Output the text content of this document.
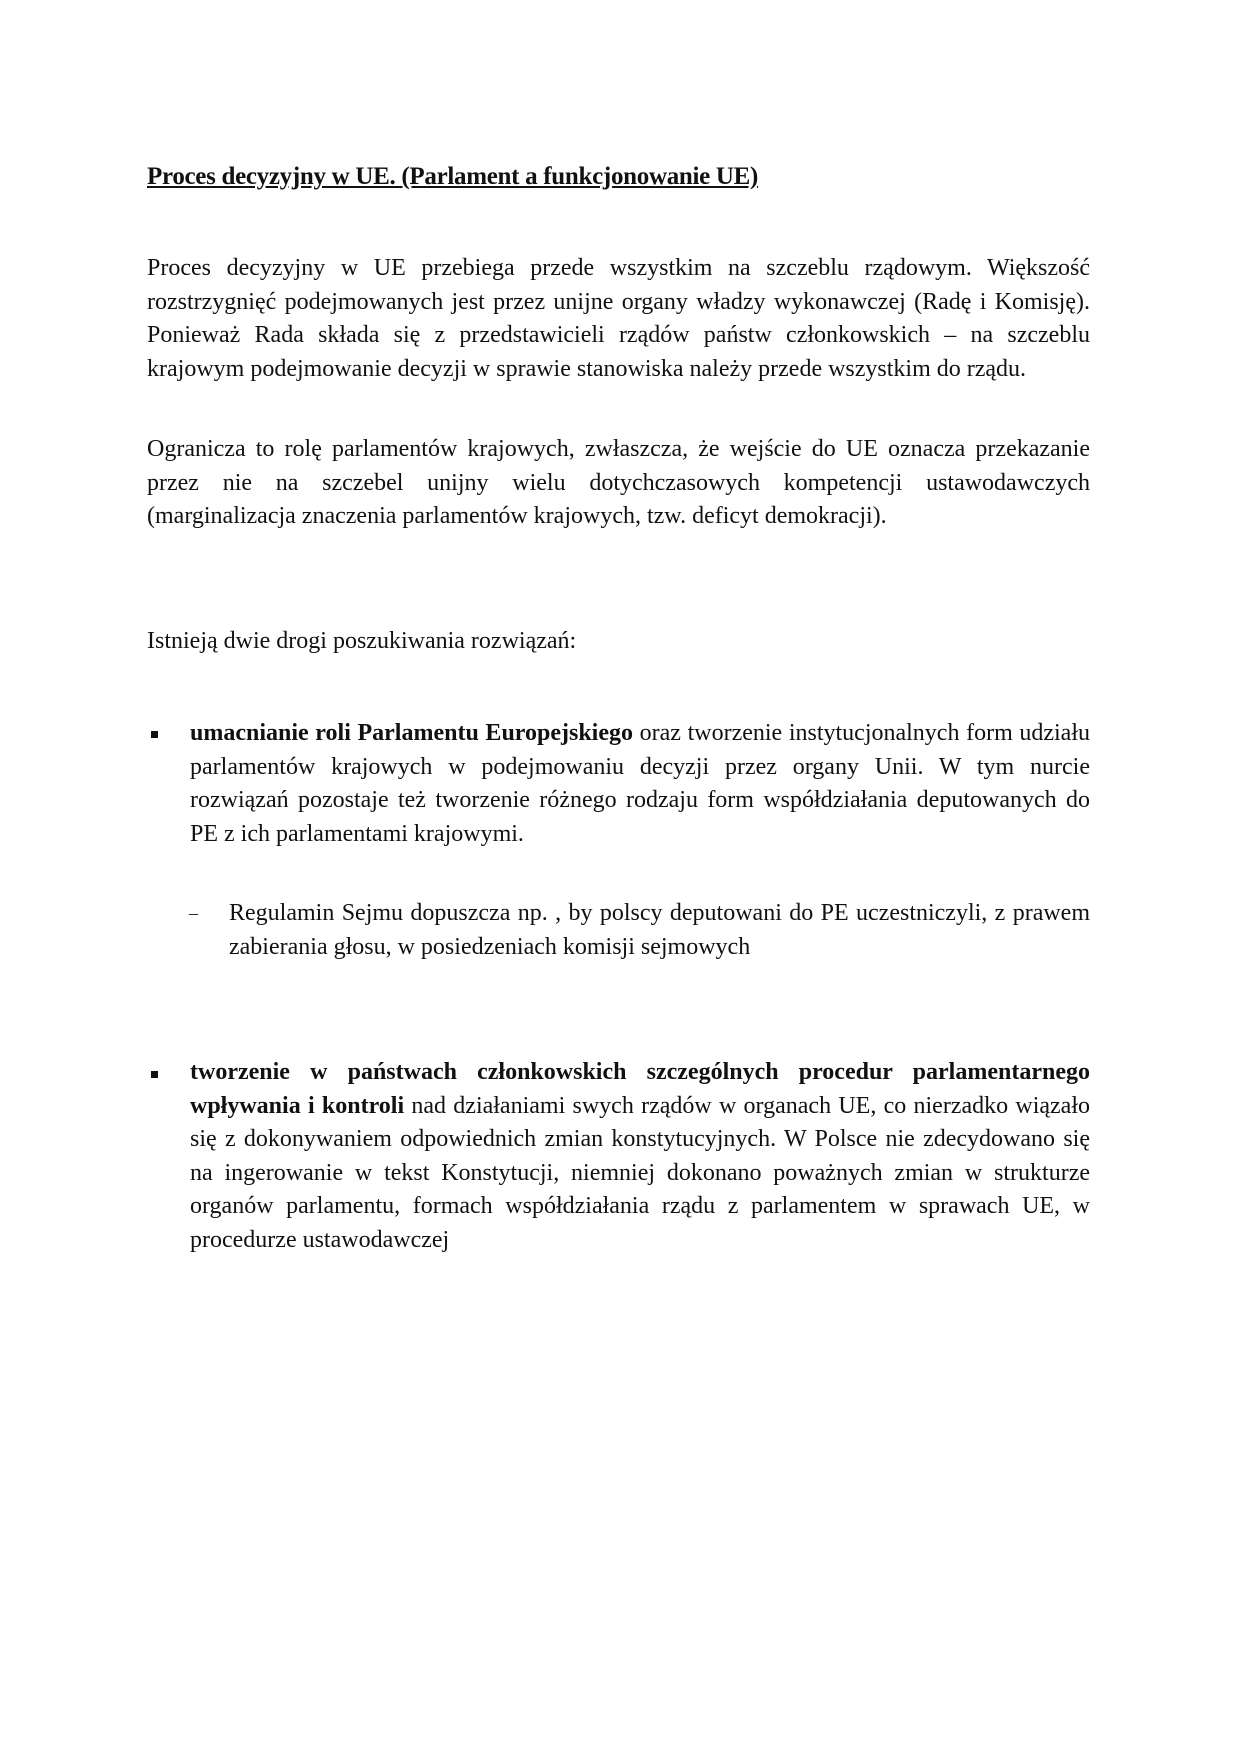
Proces decyzyjny w UE. (Parlament a funkcjonowanie UE)
Proces decyzyjny w UE przebiega przede wszystkim na szczeblu rządowym. Większość rozstrzygnięć podejmowanych jest przez unijne organy władzy wykonawczej (Radę i Komisję). Ponieważ Rada składa się z przedstawicieli rządów państw członkowskich – na szczeblu krajowym podejmowanie decyzji w sprawie stanowiska należy przede wszystkim do rządu.
Ogranicza to rolę parlamentów krajowych, zwłaszcza, że wejście do UE oznacza przekazanie przez nie na szczebel unijny wielu dotychczasowych kompetencji ustawodawczych (marginalizacja znaczenia parlamentów krajowych, tzw. deficyt demokracji).
Istnieją dwie drogi poszukiwania rozwiązań:
umacnianie roli Parlamentu Europejskiego oraz tworzenie instytucjonalnych form udziału parlamentów krajowych w podejmowaniu decyzji przez organy Unii. W tym nurcie rozwiązań pozostaje też tworzenie różnego rodzaju form współdziałania deputowanych do PE z ich parlamentami krajowymi.
Regulamin Sejmu dopuszcza np. , by polscy deputowani do PE uczestniczyli, z prawem zabierania głosu, w posiedzeniach komisji sejmowych
–
tworzenie w państwach członkowskich szczególnych procedur parlamentarnego wpływania i kontroli nad działaniami swych rządów w organach UE, co nierzadko wiązało się z dokonywaniem odpowiednich zmian konstytucyjnych. W Polsce nie zdecydowano się na ingerowanie w tekst Konstytucji, niemniej dokonano poważnych zmian w strukturze organów parlamentu, formach współdziałania rządu z parlamentem w sprawach UE, w procedurze ustawodawczej
